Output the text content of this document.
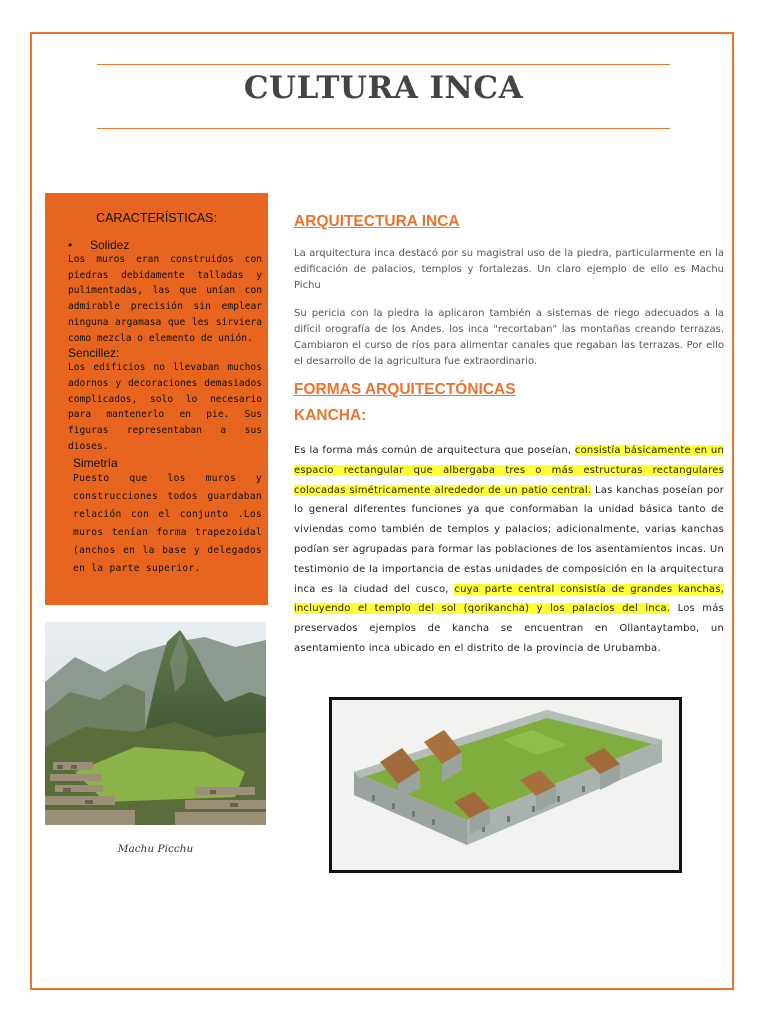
CULTURA INCA
CARACTERÍSTICAS:

• Solidez

Los muros eran construidos con piedras debidamente talladas y pulimentadas, las que unían con admirable precisión sin emplear ninguna argamasa que les sirviera como mezcla o elemento de unión.

Sencillez:

Los edificios no llevaban muchos adornos y decoraciones demasiados complicados, solo lo necesario para mantenerlo en pie. Sus figuras representaban a sus dioses.

Simetría

Puesto que los muros y construcciones todos guardaban relación con el conjunto .Los muros tenían forma trapezoidal (anchos en la base y delegados en la parte superior.

Machu Picchu
ARQUITECTURA INCA

La arquitectura inca destacó por su magistral uso de la piedra, particularmente en la edificación de palacios, templos y fortalezas. Un claro ejemplo de ello es Machu Pichu

Su pericia con la piedra la aplicaron también a sistemas de riego adecuados a la difícil orografía de los Andes. los inca "recortaban" las montañas creando terrazas. Cambiaron el curso de ríos para alimentar canales que regaban las terrazas. Por ello el desarrollo de la agricultura fue extraordinario.

FORMAS ARQUITECTÓNICAS
KANCHA:

Es la forma más común de arquitectura que poseían, consistía básicamente en un espacio rectangular que albergaba tres o más estructuras rectangulares colocadas simétricamente alrededor de un patio central. Las kanchas poseían por lo general diferentes funciones ya que conformaban la unidad básica tanto de viviendas como también de templos y palacios; adicionalmente, varias kanchas podían ser agrupadas para formar las poblaciones de los asentamientos incas. Un testimonio de la importancia de estas unidades de composición en la arquitectura inca es la ciudad del cusco, cuya parte central consistía de grandes kanchas, incluyendo el templo del sol (qorikancha) y los palacios del inca. Los más preservados ejemplos de kancha se encuentran en Ollantaytambo, un asentamiento inca ubicado en el distrito de la provincia de Urubamba.
